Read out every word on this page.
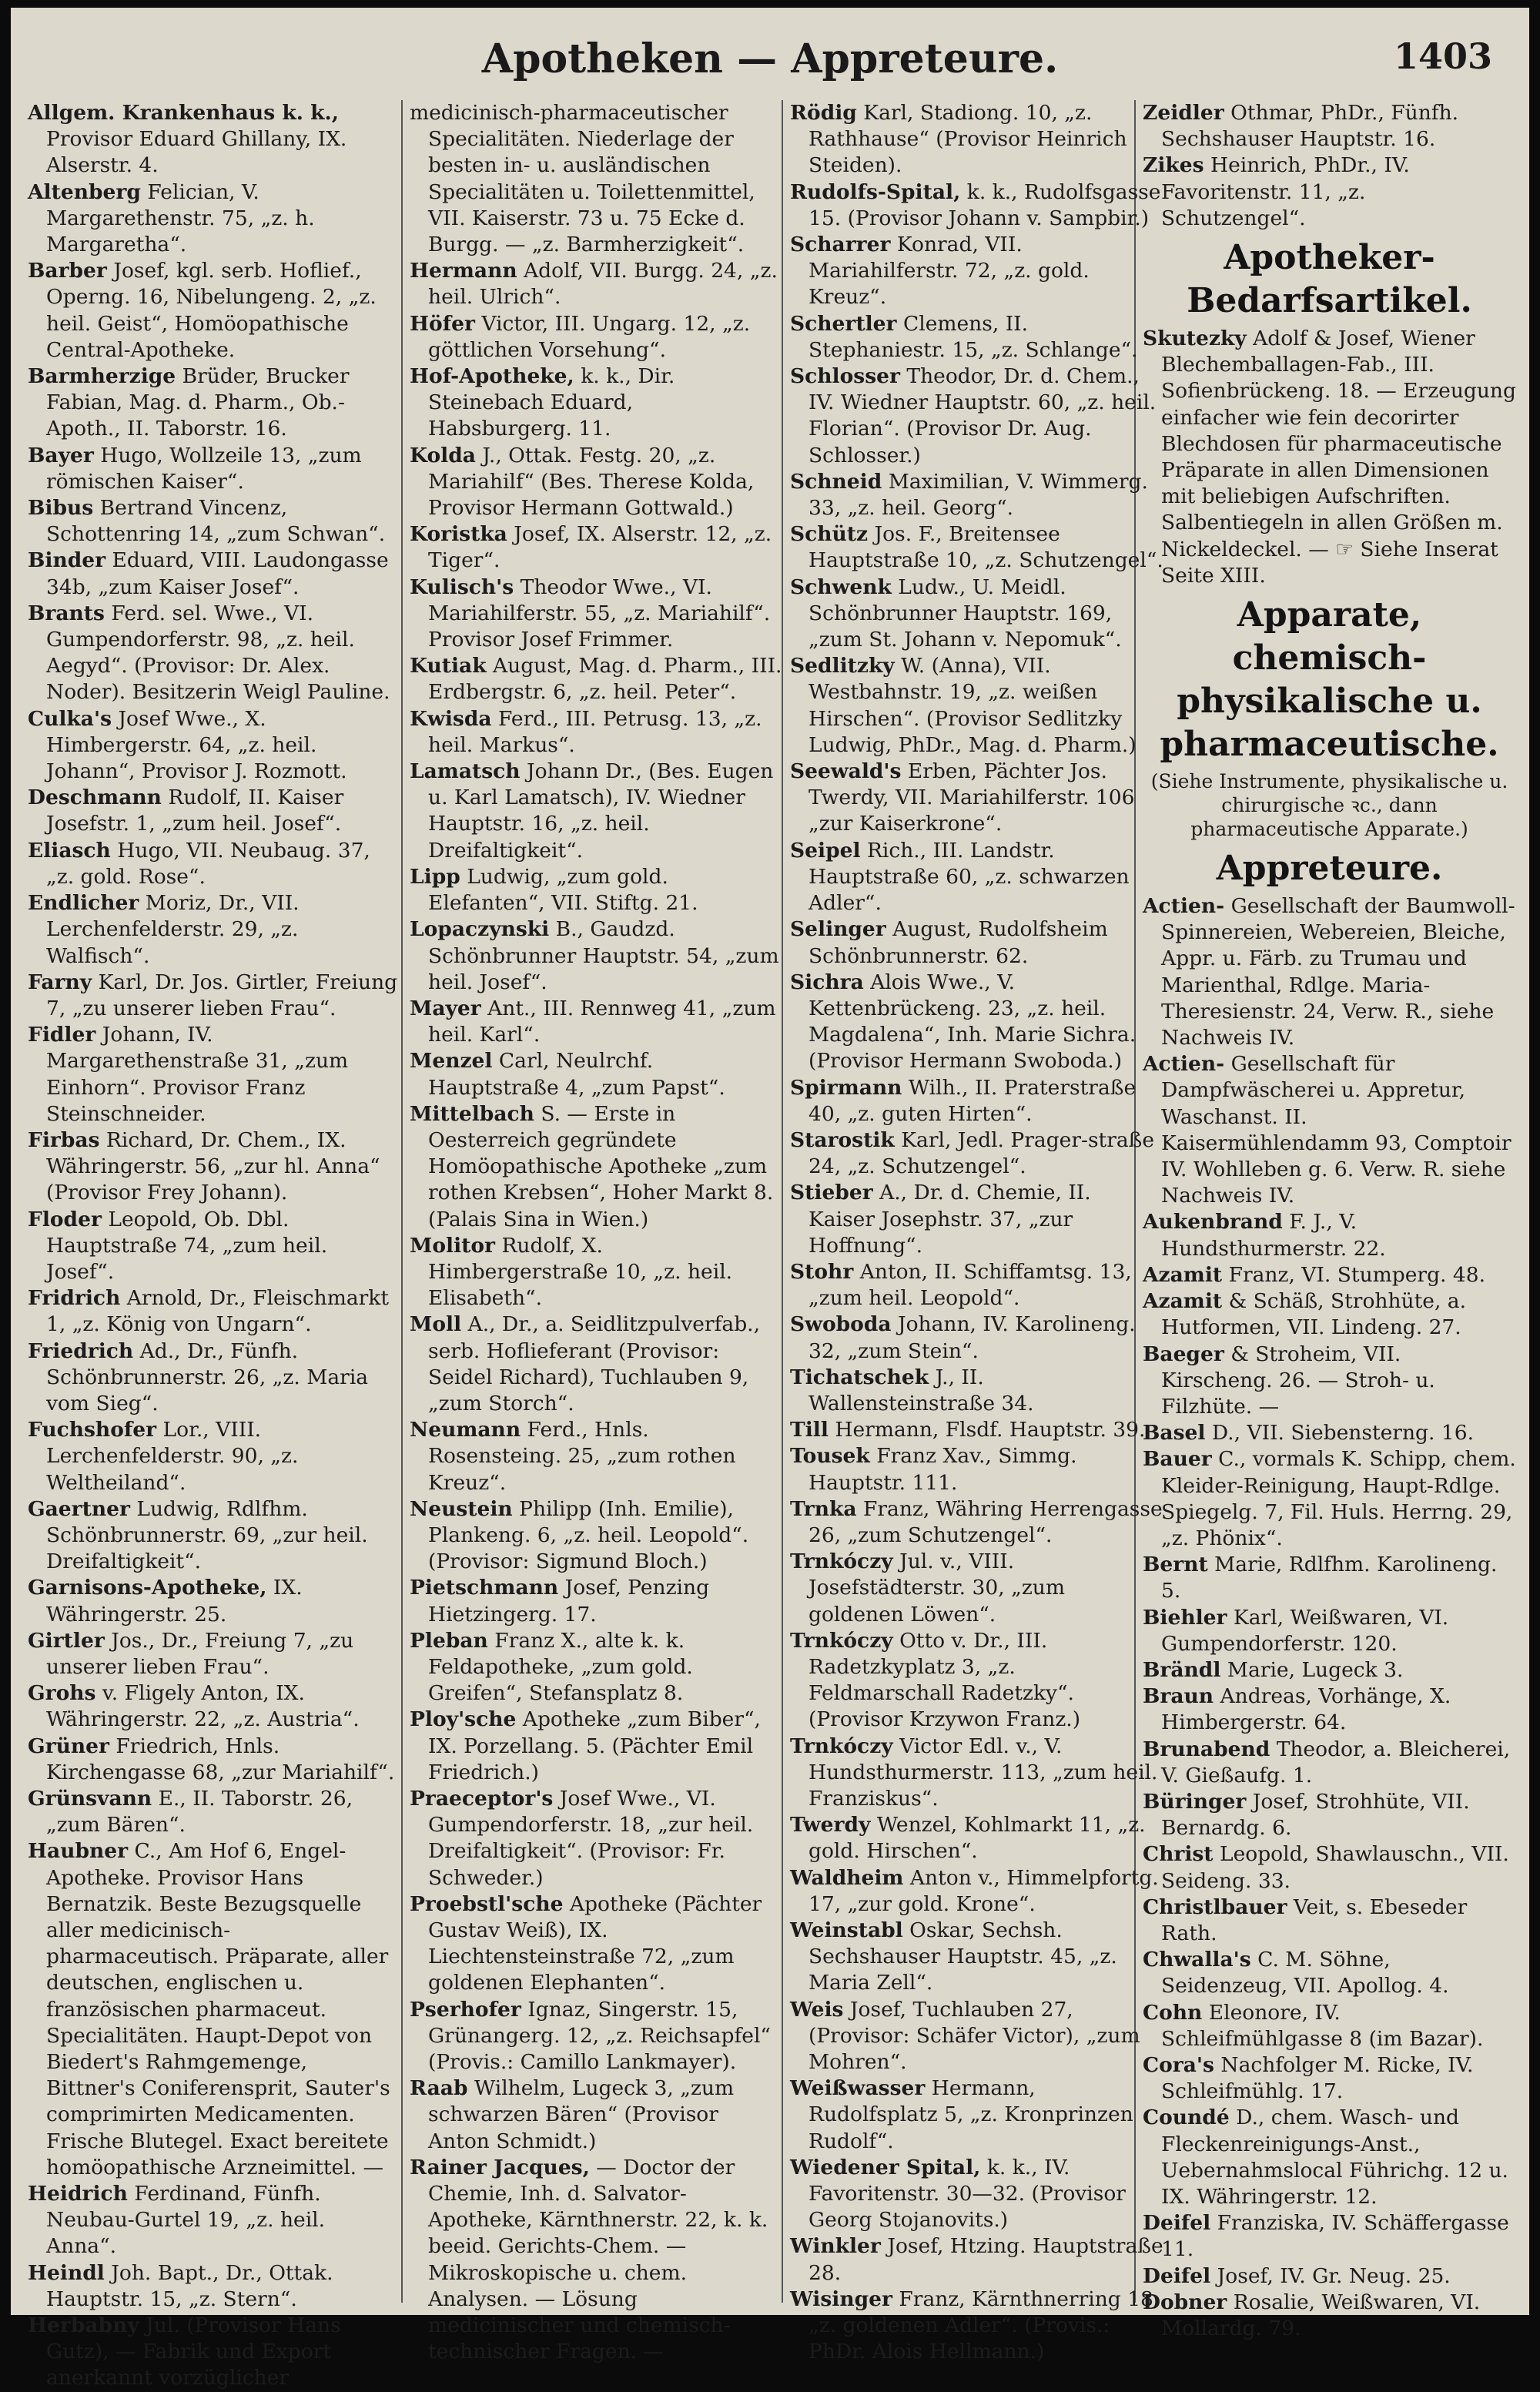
Apotheken — Appreteure.	1403

Allgem. Krankenhaus k. k., Provisor Eduard Ghillany, IX. Alserstr. 4.

Altenberg Felician, V. Margarethenstr. 75, „z. h. Margaretha“.

Barber Josef, kgl. serb. Hoflief., Operng. 16, Nibelungeng. 2, „z. heil. Geist“, Homöopathische Central-Apotheke.

Barmherzige Brüder, Brucker Fabian, Mag. d. Pharm., Ob.-Apoth., II. Taborstr. 16.

Bayer Hugo, Wollzeile 13, „zum römischen Kaiser“.

Bibus Bertrand Vincenz, Schottenring 14, „zum Schwan“.

Binder Eduard, VIII. Laudongasse 34b, „zum Kaiser Josef“.

Brants Ferd. sel. Wwe., VI. Gumpendorferstr. 98, „z. heil. Aegyd“. (Provisor: Dr. Alex. Noder). Besitzerin Weigl Pauline.

Culka's Josef Wwe., X. Himbergerstr. 64, „z. heil. Johann“, Provisor J. Rozmott.

Deschmann Rudolf, II. Kaiser Josefstr. 1, „zum heil. Josef“.

Eliasch Hugo, VII. Neubaug. 37, „z. gold. Rose“.

Endlicher Moriz, Dr., VII. Lerchenfelderstr. 29, „z. Walfisch“.

Farny Karl, Dr. Jos. Girtler, Freiung 7, „zu unserer lieben Frau“.

Fidler Johann, IV. Margarethenstraße 31, „zum Einhorn“. Provisor Franz Steinschneider.

Firbas Richard, Dr. Chem., IX. Währingerstr. 56, „zur hl. Anna“ (Provisor Frey Johann).

Floder Leopold, Ob. Dbl. Hauptstraße 74, „zum heil. Josef“.

Fridrich Arnold, Dr., Fleischmarkt 1, „z. König von Ungarn“.

Friedrich Ad., Dr., Fünfh. Schönbrunnerstr. 26, „z. Maria vom Sieg“.

Fuchshofer Lor., VIII. Lerchenfelderstr. 90, „z. Weltheiland“.

Gaertner Ludwig, Rdlfhm. Schönbrunnerstr. 69, „zur heil. Dreifaltigkeit“.

Garnisons-Apotheke, IX. Währingerstr. 25.

Girtler Jos., Dr., Freiung 7, „zu unserer lieben Frau“.

Grohs v. Fligely Anton, IX. Währingerstr. 22, „z. Austria“.

Grüner Friedrich, Hnls. Kirchengasse 68, „zur Mariahilf“.

Grünsvann E., II. Taborstr. 26, „zum Bären“.

Haubner C., Am Hof 6, Engel-Apotheke. Provisor Hans Bernatzik. Beste Bezugsquelle aller medicinisch-pharmaceutisch. Präparate, aller deutschen, englischen u. französischen pharmaceut. Specialitäten. Haupt-Depot von Biedert's Rahmgemenge, Bittner's Coniferensprit, Sauter's comprimirten Medicamenten. Frische Blutegel. Exact bereitete homöopathische Arzneimittel. —

Heidrich Ferdinand, Fünfh. Neubau-Gurtel 19, „z. heil. Anna“.

Heindl Joh. Bapt., Dr., Ottak. Hauptstr. 15, „z. Stern“.

Herbabny Jul. (Provisor Hans Gutz), — Fabrik und Export anerkannt vorzüglicher

medicinisch-pharmaceutischer Specialitäten. Niederlage der besten in- u. ausländischen Specialitäten u. Toilettenmittel, VII. Kaiserstr. 73 u. 75 Ecke d. Burgg. — „z. Barmherzigkeit“.

Hermann Adolf, VII. Burgg. 24, „z. heil. Ulrich“.

Höfer Victor, III. Ungarg. 12, „z. göttlichen Vorsehung“.

Hof-Apotheke, k. k., Dir. Steinebach Eduard, Habsburgerg. 11.

Kolda J., Ottak. Festg. 20, „z. Mariahilf“ (Bes. Therese Kolda, Provisor Hermann Gottwald.)

Koristka Josef, IX. Alserstr. 12, „z. Tiger“.

Kulisch's Theodor Wwe., VI. Mariahilferstr. 55, „z. Mariahilf“. Provisor Josef Frimmer.

Kutiak August, Mag. d. Pharm., III. Erdbergstr. 6, „z. heil. Peter“.

Kwisda Ferd., III. Petrusg. 13, „z. heil. Markus“.

Lamatsch Johann Dr., (Bes. Eugen u. Karl Lamatsch), IV. Wiedner Hauptstr. 16, „z. heil. Dreifaltigkeit“.

Lipp Ludwig, „zum gold. Elefanten“, VII. Stiftg. 21.

Lopaczynski B., Gaudzd. Schönbrunner Hauptstr. 54, „zum heil. Josef“.

Mayer Ant., III. Rennweg 41, „zum heil. Karl“.

Menzel Carl, Neulrchf. Hauptstraße 4, „zum Papst“.

Mittelbach S. — Erste in Oesterreich gegründete Homöopathische Apotheke „zum rothen Krebsen“, Hoher Markt 8. (Palais Sina in Wien.)

Molitor Rudolf, X. Himbergerstraße 10, „z. heil. Elisabeth“.

Moll A., Dr., a. Seidlitzpulverfab., serb. Hoflieferant (Provisor: Seidel Richard), Tuchlauben 9, „zum Storch“.

Neumann Ferd., Hnls. Rosensteing. 25, „zum rothen Kreuz“.

Neustein Philipp (Inh. Emilie), Plankeng. 6, „z. heil. Leopold“. (Provisor: Sigmund Bloch.)

Pietschmann Josef, Penzing Hietzingerg. 17.

Pleban Franz X., alte k. k. Feldapotheke, „zum gold. Greifen“, Stefansplatz 8.

Ploy'sche Apotheke „zum Biber“, IX. Porzellang. 5. (Pächter Emil Friedrich.)

Praeceptor's Josef Wwe., VI. Gumpendorferstr. 18, „zur heil. Dreifaltigkeit“. (Provisor: Fr. Schweder.)

Proebstl'sche Apotheke (Pächter Gustav Weiß), IX. Liechtensteinstraße 72, „zum goldenen Elephanten“.

Pserhofer Ignaz, Singerstr. 15, Grünangerg. 12, „z. Reichsapfel“ (Provis.: Camillo Lankmayer).

Raab Wilhelm, Lugeck 3, „zum schwarzen Bären“ (Provisor Anton Schmidt.)

Rainer Jacques, — Doctor der Chemie, Inh. d. Salvator-Apotheke, Kärnthnerstr. 22, k. k. beeid. Gerichts-Chem. — Mikroskopische u. chem. Analysen. — Lösung medicinischer und chemisch-technischer Fragen. —

Rödig Karl, Stadiong. 10, „z. Rathhause“ (Provisor Heinrich Steiden).

Rudolfs-Spital, k. k., Rudolfsgasse 15. (Provisor Johann v. Sampbir.)

Scharrer Konrad, VII. Mariahilferstr. 72, „z. gold. Kreuz“.

Schertler Clemens, II. Stephaniestr. 15, „z. Schlange“.

Schlosser Theodor, Dr. d. Chem., IV. Wiedner Hauptstr. 60, „z. heil. Florian“. (Provisor Dr. Aug. Schlosser.)

Schneid Maximilian, V. Wimmerg. 33, „z. heil. Georg“.

Schütz Jos. F., Breitensee Hauptstraße 10, „z. Schutzengel“.

Schwenk Ludw., U. Meidl. Schönbrunner Hauptstr. 169, „zum St. Johann v. Nepomuk“.

Sedlitzky W. (Anna), VII. Westbahnstr. 19, „z. weißen Hirschen“. (Provisor Sedlitzky Ludwig, PhDr., Mag. d. Pharm.)

Seewald's Erben, Pächter Jos. Twerdy, VII. Mariahilferstr. 106 „zur Kaiserkrone“.

Seipel Rich., III. Landstr. Hauptstraße 60, „z. schwarzen Adler“.

Selinger August, Rudolfsheim Schönbrunnerstr. 62.

Sichra Alois Wwe., V. Kettenbrückeng. 23, „z. heil. Magdalena“, Inh. Marie Sichra. (Provisor Hermann Swoboda.)

Spirmann Wilh., II. Praterstraße 40, „z. guten Hirten“.

Starostik Karl, Jedl. Prager-straße 24, „z. Schutzengel“.

Stieber A., Dr. d. Chemie, II. Kaiser Josephstr. 37, „zur Hoffnung“.

Stohr Anton, II. Schiffamtsg. 13, „zum heil. Leopold“.

Swoboda Johann, IV. Karolineng. 32, „zum Stein“.

Tichatschek J., II. Wallensteinstraße 34.

Till Hermann, Flsdf. Hauptstr. 39.

Tousek Franz Xav., Simmg. Hauptstr. 111.

Trnka Franz, Währing Herrengasse 26, „zum Schutzengel“.

Trnkóczy Jul. v., VIII. Josefstädterstr. 30, „zum goldenen Löwen“.

Trnkóczy Otto v. Dr., III. Radetzkyplatz 3, „z. Feldmarschall Radetzky“. (Provisor Krzywon Franz.)

Trnkóczy Victor Edl. v., V. Hundsthurmerstr. 113, „zum heil. Franziskus“.

Twerdy Wenzel, Kohlmarkt 11, „z. gold. Hirschen“.

Waldheim Anton v., Himmelpfortg. 17, „zur gold. Krone“.

Weinstabl Oskar, Sechsh. Sechshauser Hauptstr. 45, „z. Maria Zell“.

Weis Josef, Tuchlauben 27, (Provisor: Schäfer Victor), „zum Mohren“.

Weißwasser Hermann, Rudolfsplatz 5, „z. Kronprinzen Rudolf“.

Wiedener Spital, k. k., IV. Favoritenstr. 30—32. (Provisor Georg Stojanovits.)

Winkler Josef, Htzing. Hauptstraße 28.

Wisinger Franz, Kärnthnerring 18, „z. goldenen Adler“. (Provis.: PhDr. Alois Hellmann.)

Zeidler Othmar, PhDr., Fünfh. Sechshauser Hauptstr. 16.

Zikes Heinrich, PhDr., IV. Favoritenstr. 11, „z. Schutzengel“.

Apotheker-Bedarfsartikel.

Skutezky Adolf & Josef, Wiener Blechemballagen-Fab., III. Sofienbrückeng. 18. — Erzeugung einfacher wie fein decorirter Blechdosen für pharmaceutische Präparate in allen Dimensionen mit beliebigen Aufschriften. Salbentiegeln in allen Größen m. Nickeldeckel. — ☞ Siehe Inserat Seite XIII.

Apparate, chemisch-physikalische u. pharmaceutische.
(Siehe Instrumente, physikalische u. chirurgische ꝛc., dann pharmaceutische Apparate.)
Appreteure.

Actien- Gesellschaft der Baumwoll-Spinnereien, Webereien, Bleiche, Appr. u. Färb. zu Trumau und Marienthal, Rdlge. Maria-Theresienstr. 24, Verw. R., siehe Nachweis IV.

Actien- Gesellschaft für Dampfwäscherei u. Appretur, Waschanst. II. Kaisermühlendamm 93, Comptoir IV. Wohlleben g. 6. Verw. R. siehe Nachweis IV.

Aukenbrand F. J., V. Hundsthurmerstr. 22.

Azamit Franz, VI. Stumperg. 48.

Azamit & Schäß, Strohhüte, a. Hutformen, VII. Lindeng. 27.

Baeger & Stroheim, VII. Kirscheng. 26. — Stroh- u. Filzhüte. —

Basel D., VII. Siebensterng. 16.

Bauer C., vormals K. Schipp, chem. Kleider-Reinigung, Haupt-Rdlge. Spiegelg. 7, Fil. Huls. Herrng. 29, „z. Phönix“.

Bernt Marie, Rdlfhm. Karolineng. 5.

Biehler Karl, Weißwaren, VI. Gumpendorferstr. 120.

Brändl Marie, Lugeck 3.

Braun Andreas, Vorhänge, X. Himbergerstr. 64.

Brunabend Theodor, a. Bleicherei, V. Gießaufg. 1.

Büringer Josef, Strohhüte, VII. Bernardg. 6.

Christ Leopold, Shawlauschn., VII. Seideng. 33.

Christlbauer Veit, s. Ebeseder Rath.

Chwalla's C. M. Söhne, Seidenzeug, VII. Apollog. 4.

Cohn Eleonore, IV. Schleifmühlgasse 8 (im Bazar).

Cora's Nachfolger M. Ricke, IV. Schleifmühlg. 17.

Coundé D., chem. Wasch- und Fleckenreinigungs-Anst., Uebernahmslocal Führichg. 12 u. IX. Währingerstr. 12.

Deifel Franziska, IV. Schäffergasse 11.

Deifel Josef, IV. Gr. Neug. 25.

Dobner Rosalie, Weißwaren, VI. Mollardg. 79.
